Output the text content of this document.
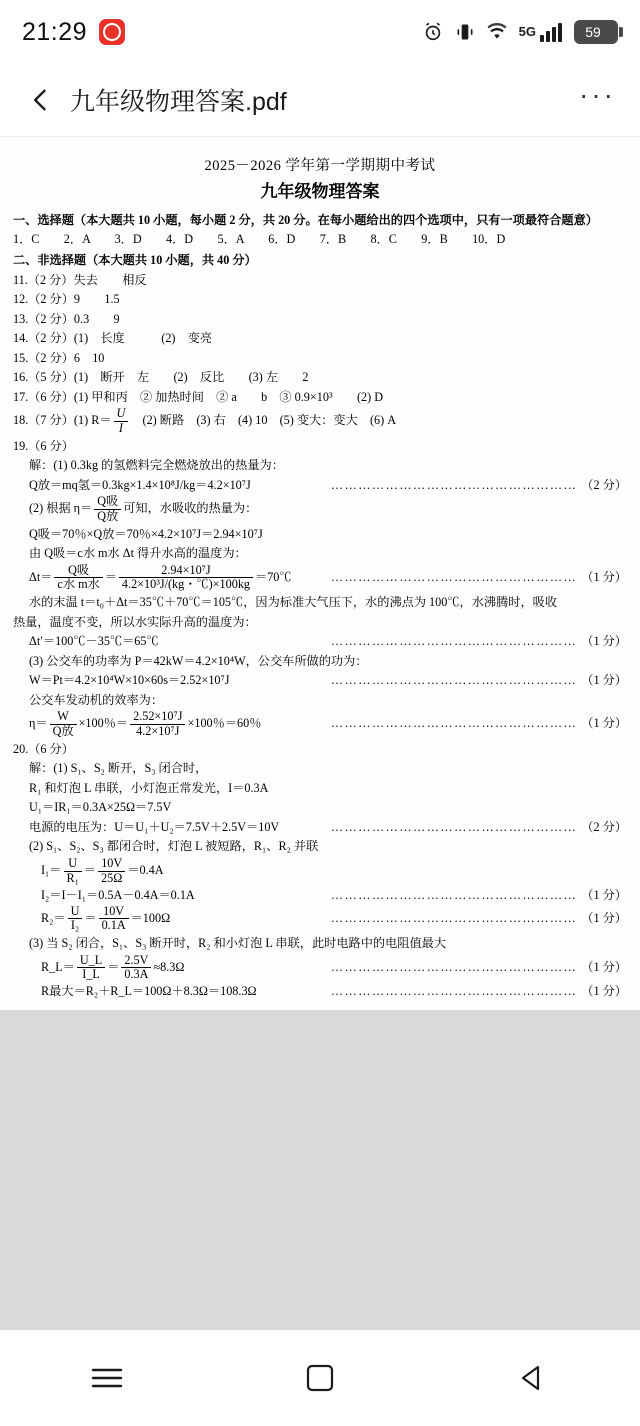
21:29	5G	59
九年级物理答案.pdf	···
2025－2026 学年第一学期期中考试
九年级物理答案
一、选择题（本大题共 10 小题，每小题 2 分，共 20 分。在每小题给出的四个选项中，只有一项最符合题意）
1．C　　2．A　　3．D　　4．D　　5．A　　6．D　　7．B　　8．C　　9．B　　10．D
二、非选择题（本大题共 10 小题，共 40 分）
11.（2 分）失去　　相反
12.（2 分）9　　1.5
13.（2 分）0.3　　9
14.（2 分）(1)　长度　　　(2)　变亮
15.（2 分）6　10
16.（5 分）(1)　断开　左　　(2)　反比　　(3) 左　　2
17.（6 分）(1) 甲和丙　② 加热时间　② a　　b　③ 0.9×10³　　(2) D
18.（7 分）(1) $R= \frac{U}{I}$ 　(2) 断路　(3) 右　(4) 10　(5) 变大：变大　(6) A
19.（6 分）
解：(1) 0.3kg 的氢燃料完全燃烧放出的热量为：
Q放＝mq氢＝0.3kg×1.4×10⁸J/kg＝4.2×10⁷J	……………………………………………… （2 分）
(2) 根据 $\eta= \frac{\text{Q吸}}{\text{Q放}}$ 可知，水吸收的热量为：
Q吸＝70％×Q放＝70％×4.2×10⁷J＝2.94×10⁷J
由 Q吸＝c水 m水 Δt 得升水高的温度为：
$\Delta t= \frac{\text{Q吸}}{\text{c水 m水}} = \frac{\text{2.94×10⁷J}}{\text{4.2×10³J/(kg・℃)×100kg}}$ ＝70℃	……………………………………………… （1 分）
水的末温 t＝t₀＋Δt＝35℃＋70℃＝105℃，因为标准大气压下，水的沸点为 100℃，水沸腾时，吸收
热量，温度不变，所以水实际升高的温度为：
Δt′＝100℃－35℃＝65℃	……………………………………………… （1 分）
(3) 公交车的功率为 P＝42kW＝4.2×10⁴W，公交车所做的功为：
W＝Pt＝4.2×10⁴W×10×60s＝2.52×10⁷J	……………………………………………… （1 分）
公交车发动机的效率为：
$\eta= \frac{W}{\text{Q放}} \times 100$％＝ $\frac{\text{2.52×10⁷J}}{\text{4.2×10⁷J}} \times 100$％＝60％	……………………………………………… （1 分）
20.（6 分）
解：(1) S₁、S₂ 断开，S₃ 闭合时，
R₁ 和灯泡 L 串联，小灯泡正常发光，I＝0.3A
U₁＝IR₁＝0.3A×25Ω＝7.5V
电源的电压为：U＝U₁＋U₂＝7.5V＋2.5V＝10V	……………………………………………… （2 分）
(2) S₁、S₂、S₃ 都闭合时，灯泡 L 被短路，R₁、R₂ 并联
$I_1= \frac{U}{\text{R₁}} = \frac{10V}{25\Omega} =0.4A$
I₂＝I－I₁＝0.5A－0.4A＝0.1A	……………………………………………… （1 分）
$R_2= \frac{U}{\text{I₂}} = \frac{10V}{0.1A} =100\Omega$	……………………………………………… （1 分）
(3) 当 S₂ 闭合，S₁、S₃ 断开时，R₂ 和小灯泡 L 串联，此时电路中的电阻值最大
R_L＝ $\frac{U\_L}{I\_L} = \frac{2.5V}{0.3A} \approx 8.3\Omega$	……………………………………………… （1 分）
R最大＝R₂＋R_L＝100Ω＋8.3Ω＝108.3Ω	……………………………………………… （1 分）
